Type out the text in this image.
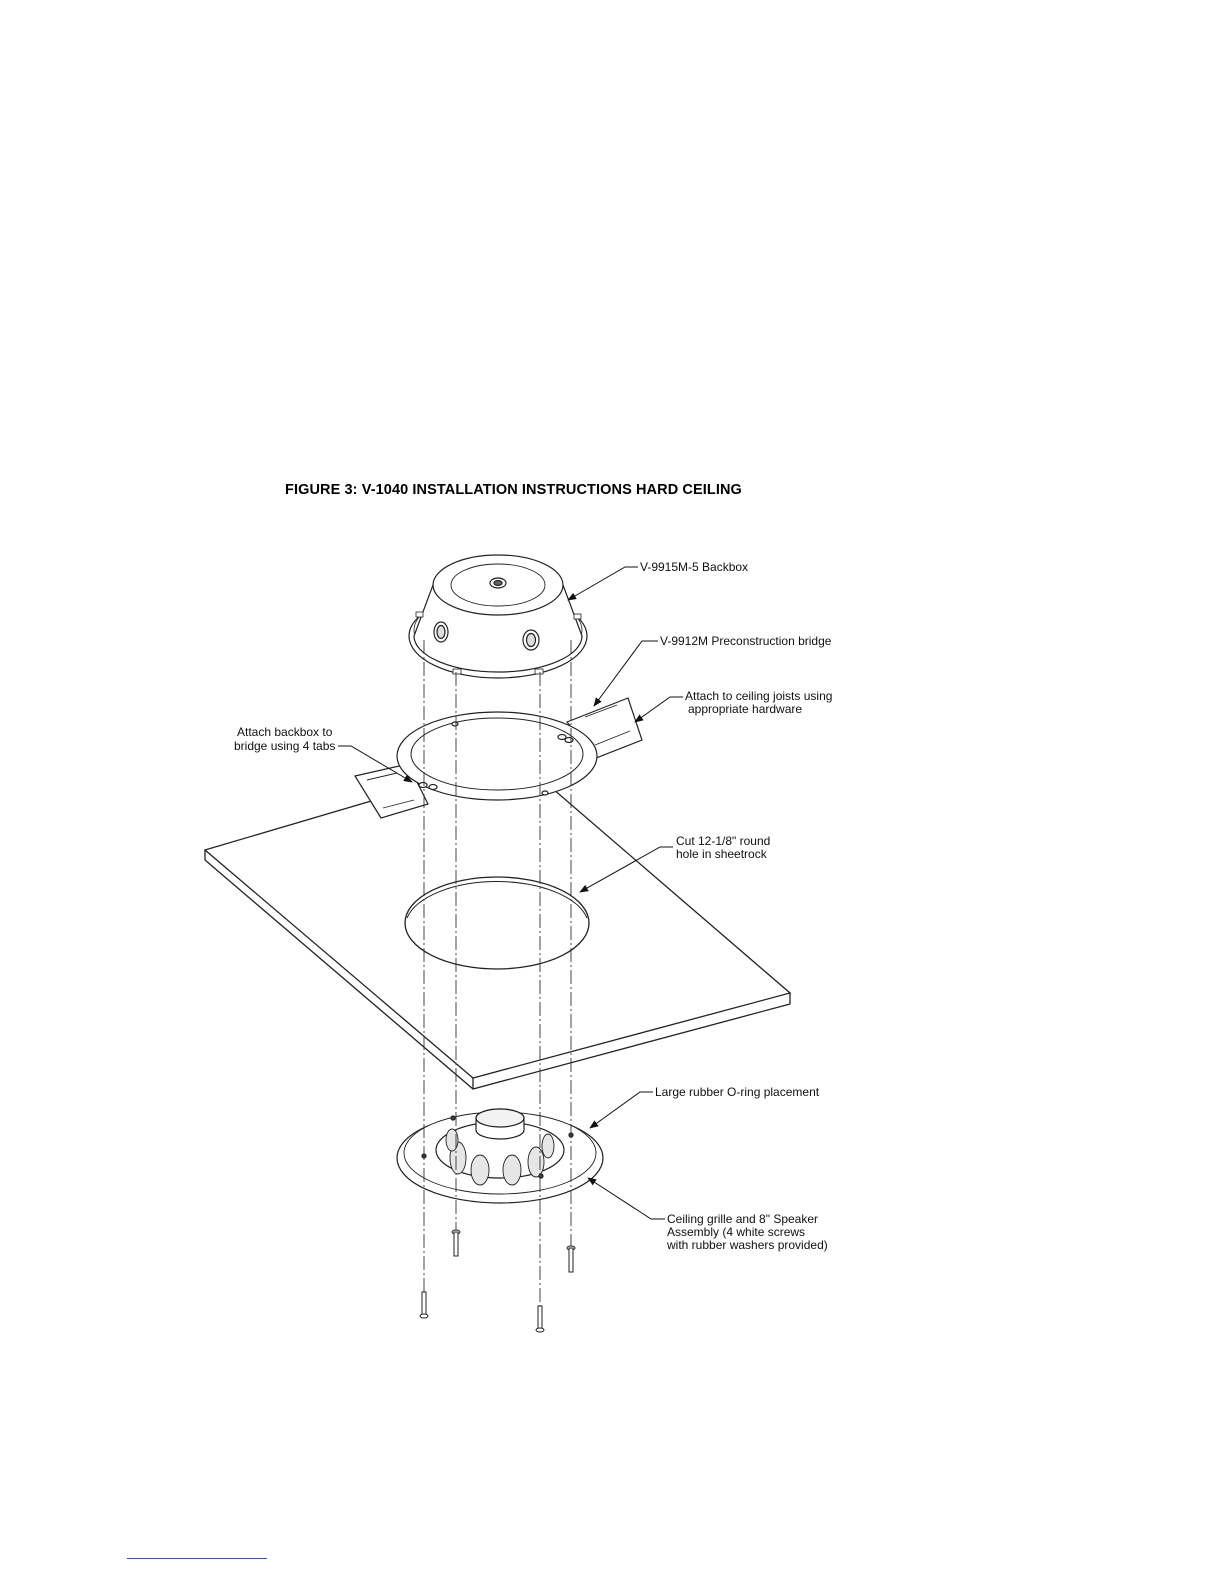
FIGURE 3: V-1040 INSTALLATION INSTRUCTIONS HARD CEILING
V-9915M-5 Backbox
V-9912M Preconstruction bridge
Attach to ceiling joists using
appropriate hardware
Attach backbox to
bridge using 4 tabs
Cut 12-1/8" round
hole in sheetrock
Large rubber O-ring placement
Ceiling grille and 8" Speaker
Assembly (4 white screws
with rubber washers provided)
